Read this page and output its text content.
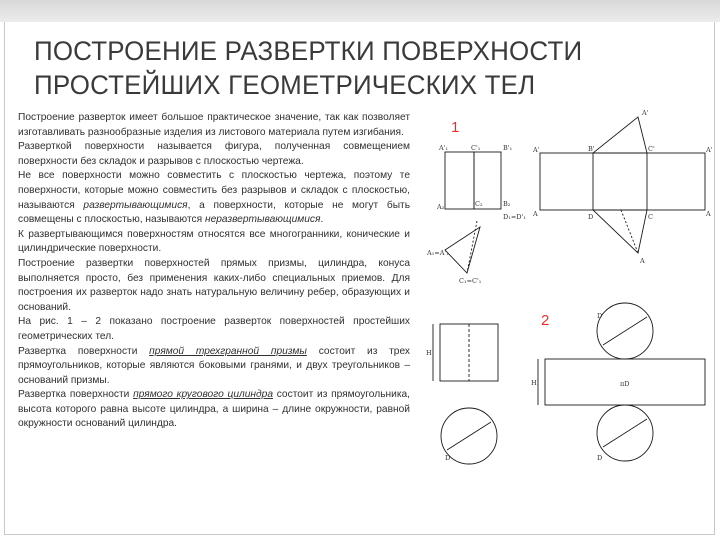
ПОСТРОЕНИЕ РАЗВЕРТКИ ПОВЕРХНОСТИ
ПРОСТЕЙШИХ ГЕОМЕТРИЧЕСКИХ ТЕЛ

Построение разверток имеет большое практическое значение, так как позволяет изготавливать разнообразные изделия из листового материала путем изгибания.

Разверткой поверхности называется фигура, полученная совмещением поверхности без складок и разрывов с плоскостью чертежа.

Не все поверхности можно совместить с плоскостью чертежа, поэтому те поверхности, которые можно совместить без разрывов и складок с плоскостью, называются развертывающимися, а поверхности, которые не могут быть совмещены с плоскостью, называются неразвертывающимися.

К развертывающимся поверхностям относятся все многогранники, конические и цилиндрические поверхности.

Построение развертки поверхностей прямых призмы, цилиндра, конуса выполняется просто, без применения каких-либо специальных приемов. Для построения их разверток надо знать натуральную величину ребер, образующих и оснований.

На рис. 1 – 2 показано построение разверток поверхностей простейших геометрических тел.

Развертка поверхности прямой трехгранной призмы состоит из трех прямоугольников, которые являются боковыми гранями, и двух треугольников – оснований призмы.

Развертка поверхности прямого кругового цилиндра состоит из прямоугольника, высота которого равна высоте цилиндра, а ширина – длине окружности, равной окружности оснований цилиндра.

1
A'₁	C'₁	B'₁
A₂	C₂	B₂
D₁=D'₁
A₁=A'₁
C₁=C'₁
A'
A'	B'	C'	A'
A	D	C	A
A
2	D
πD
D
D
H
H
